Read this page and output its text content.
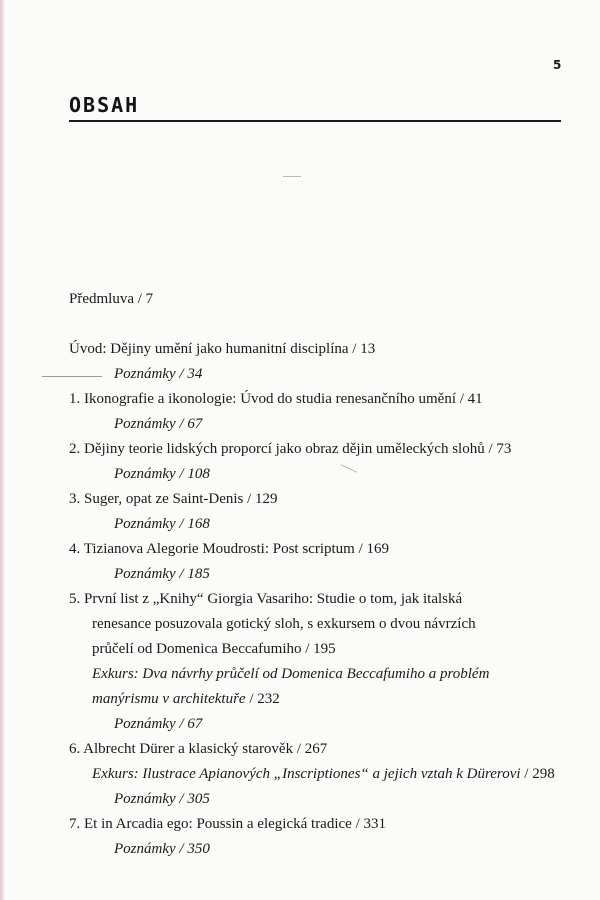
5
OBSAH
Předmluva / 7
Úvod: Dějiny umění jako humanitní disciplína / 13
Poznámky / 34
1. Ikonografie a ikonologie: Úvod do studia renesančního umění / 41
Poznámky / 67
2. Dějiny teorie lidských proporcí jako obraz dějin uměleckých slohů / 73
Poznámky / 108
3. Suger, opat ze Saint-Denis / 129
Poznámky / 168
4. Tizianova Alegorie Moudrosti: Post scriptum / 169
Poznámky / 185
5. První list z „Knihy“ Giorgia Vasariho: Studie o tom, jak italská
renesance posuzovala gotický sloh, s exkursem o dvou návrzích
průčelí od Domenica Beccafumiho / 195
Exkurs: Dva návrhy průčelí od Domenica Beccafumiho a problém
manýrismu v architektuře / 232
Poznámky / 67
6. Albrecht Dürer a klasický starověk / 267
Exkurs: Ilustrace Apianových „Inscriptiones“ a jejich vztah k Dürerovi / 298
Poznámky / 305
7. Et in Arcadia ego: Poussin a elegická tradice / 331
Poznámky / 350
